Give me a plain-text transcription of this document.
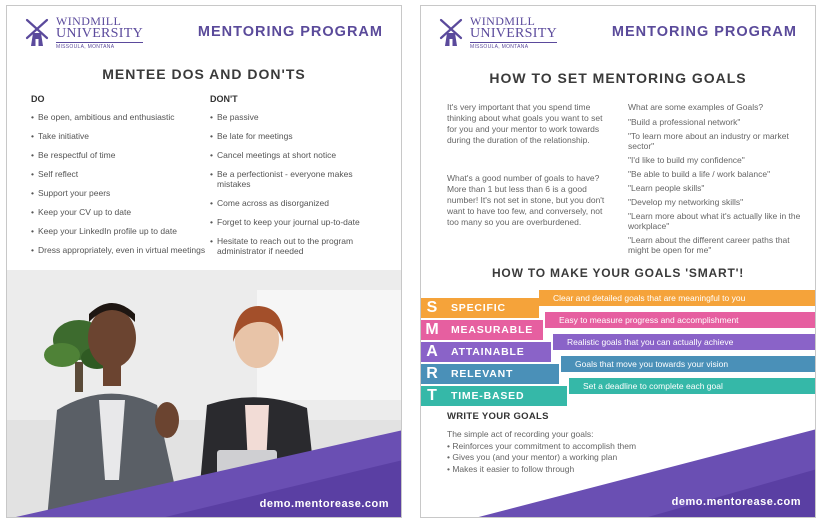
WINDMILL
UNIVERSITY
MISSOULA, MONTANA
MENTORING PROGRAM
MENTEE DOS AND DON'TS
DO
• Be open, ambitious and enthusiastic
• Take initiative
• Be respectful of time
• Self reflect
• Support your peers
• Keep your CV up to date
• Keep your LinkedIn profile up to date
• Dress appropriately, even in virtual meetings
DON'T
• Be passive
• Be late for meetings
• Cancel meetings at short notice
• Be a perfectionist - everyone makes mistakes
• Come across as disorganized
• Forget to keep your journal up-to-date
• Hesitate to reach out to the program administrator if needed
demo.mentorease.com
WINDMILL
UNIVERSITY
MISSOULA, MONTANA
MENTORING PROGRAM
HOW TO SET MENTORING GOALS
It's very important that you spend time thinking about what goals you want to set for you and your mentor to work towards during the duration of the relationship.
What's a good number of goals to have? More than 1 but less than 6 is a good number! It's not set in stone, but you don't want to have too few, and conversely, not too many so you are overburdened.
What are some examples of Goals?
"Build a professional network"
"To learn more about an industry or market sector"
"I'd like to build my confidence"
"Be able to build a life / work balance"
"Learn people skills"
"Develop my networking skills"
"Learn more about what it's actually like in the workplace"
"Learn about the different career paths that might be open for me"
HOW TO MAKE YOUR GOALS 'SMART'!
Clear and detailed goals that are meaningful to you
S	SPECIFIC
Easy to measure progress and accomplishment
M	MEASURABLE
Realistic goals that you can actually achieve
A	ATTAINABLE
Goals that move you towards your vision
R	RELEVANT
Set a deadline to complete each goal
T	TIME-BASED
WRITE YOUR GOALS
The simple act of recording your goals:
• Reinforces your commitment to accomplish them
• Gives you (and your mentor) a working plan
• Makes it easier to follow through
demo.mentorease.com
